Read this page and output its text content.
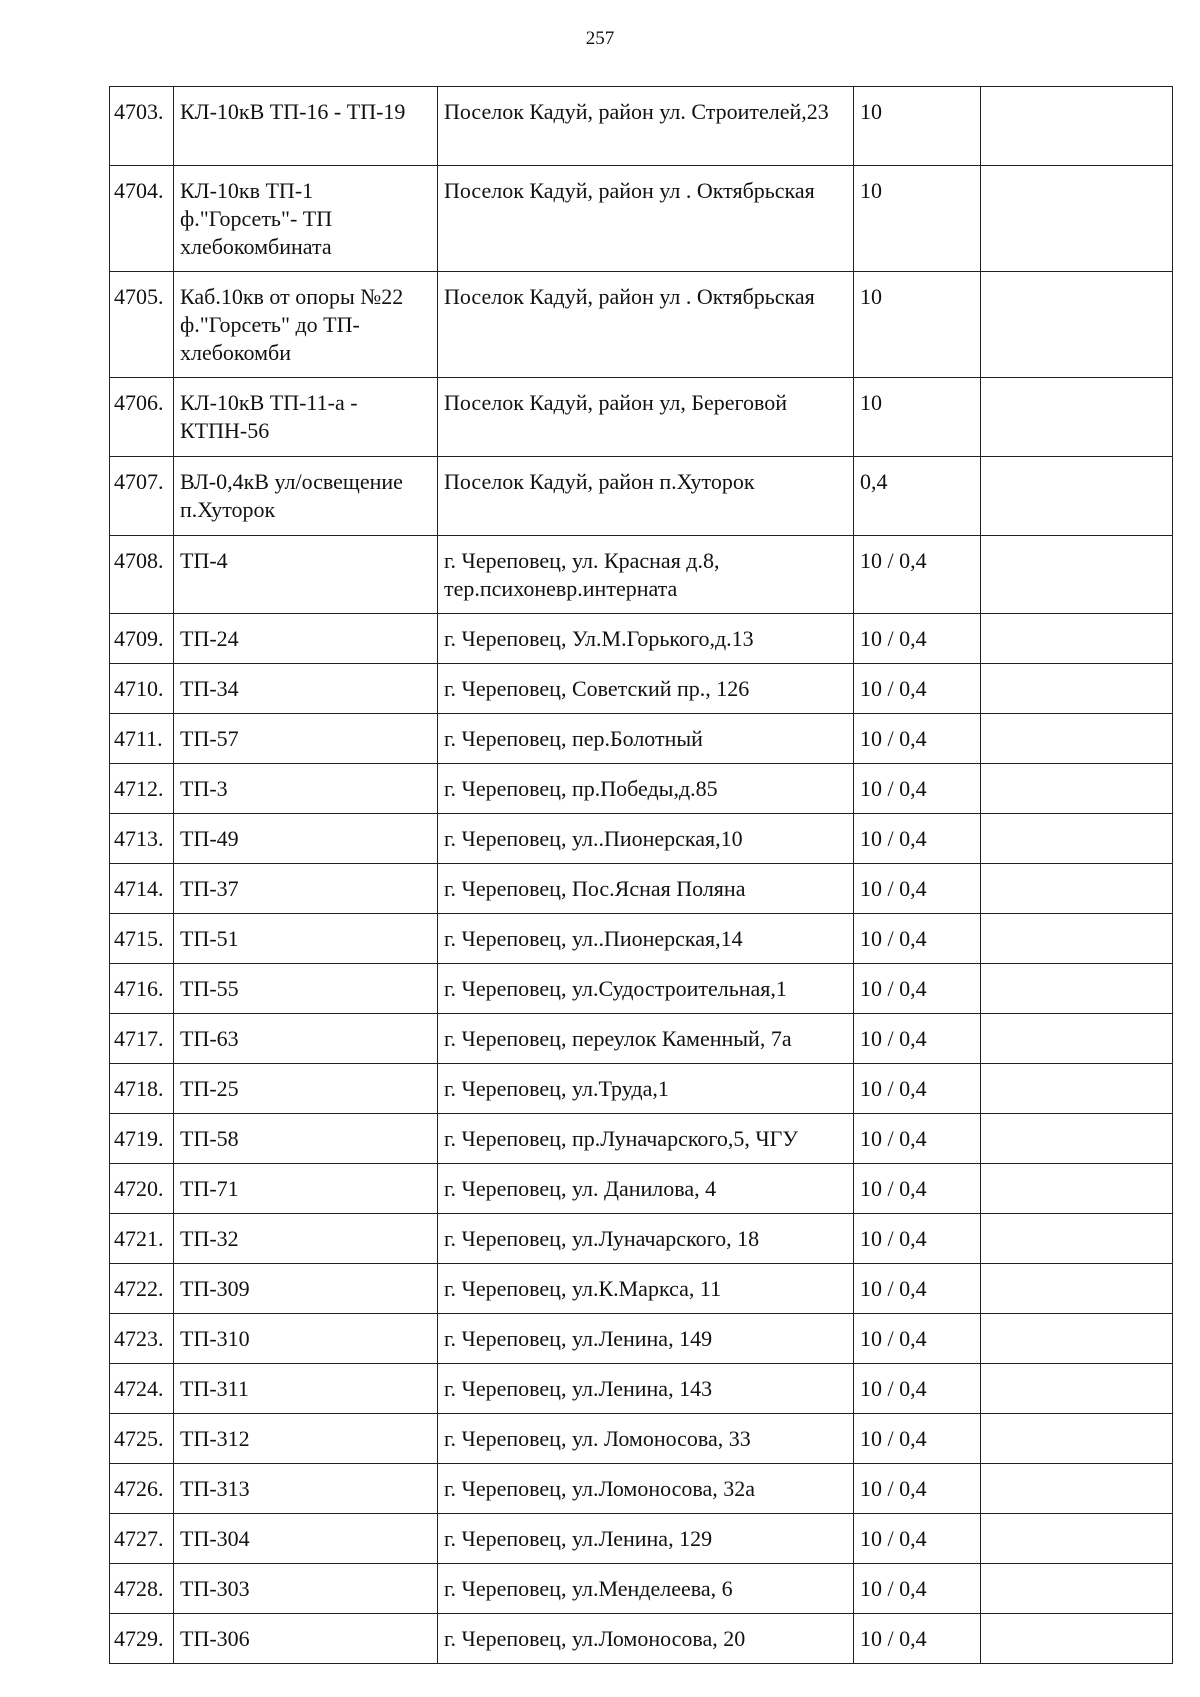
257
4703.	КЛ-10кВ ТП-16 - ТП-19	Поселок Кадуй, район ул. Строителей,23	10	
4704.	КЛ-10кв ТП-1 ф."Горсеть"- ТП хлебокомбината	Поселок Кадуй, район ул . Октябрьская	10	
4705.	Каб.10кв от опоры №22 ф."Горсеть" до ТП-хлебокомби	Поселок Кадуй, район ул . Октябрьская	10	
4706.	КЛ-10кВ ТП-11-а - КТПН-56	Поселок Кадуй, район ул, Береговой	10	
4707.	ВЛ-0,4кВ ул/освещение п.Хуторок	Поселок Кадуй, район п.Хуторок	0,4	
4708.	ТП-4	г. Череповец, ул. Красная д.8, тер.психоневр.интерната	10 / 0,4	
4709.	ТП-24	г. Череповец, Ул.М.Горького,д.13	10 / 0,4	
4710.	ТП-34	г. Череповец, Советский пр., 126	10 / 0,4	
4711.	ТП-57	г. Череповец, пер.Болотный	10 / 0,4	
4712.	ТП-3	г. Череповец, пр.Победы,д.85	10 / 0,4	
4713.	ТП-49	г. Череповец, ул..Пионерская,10	10 / 0,4	
4714.	ТП-37	г. Череповец, Пос.Ясная Поляна	10 / 0,4	
4715.	ТП-51	г. Череповец, ул..Пионерская,14	10 / 0,4	
4716.	ТП-55	г. Череповец, ул.Судостроительная,1	10 / 0,4	
4717.	ТП-63	г. Череповец, переулок Каменный, 7а	10 / 0,4	
4718.	ТП-25	г. Череповец, ул.Труда,1	10 / 0,4	
4719.	ТП-58	г. Череповец, пр.Луначарского,5, ЧГУ	10 / 0,4	
4720.	ТП-71	г. Череповец, ул. Данилова, 4	10 / 0,4	
4721.	ТП-32	г. Череповец, ул.Луначарского, 18	10 / 0,4	
4722.	ТП-309	г. Череповец, ул.К.Маркса, 11	10 / 0,4	
4723.	ТП-310	г. Череповец, ул.Ленина, 149	10 / 0,4	
4724.	ТП-311	г. Череповец, ул.Ленина, 143	10 / 0,4	
4725.	ТП-312	г. Череповец, ул. Ломоносова, 33	10 / 0,4	
4726.	ТП-313	г. Череповец, ул.Ломоносова, 32а	10 / 0,4	
4727.	ТП-304	г. Череповец, ул.Ленина, 129	10 / 0,4	
4728.	ТП-303	г. Череповец, ул.Менделеева, 6	10 / 0,4	
4729.	ТП-306	г. Череповец, ул.Ломоносова, 20	10 / 0,4	
